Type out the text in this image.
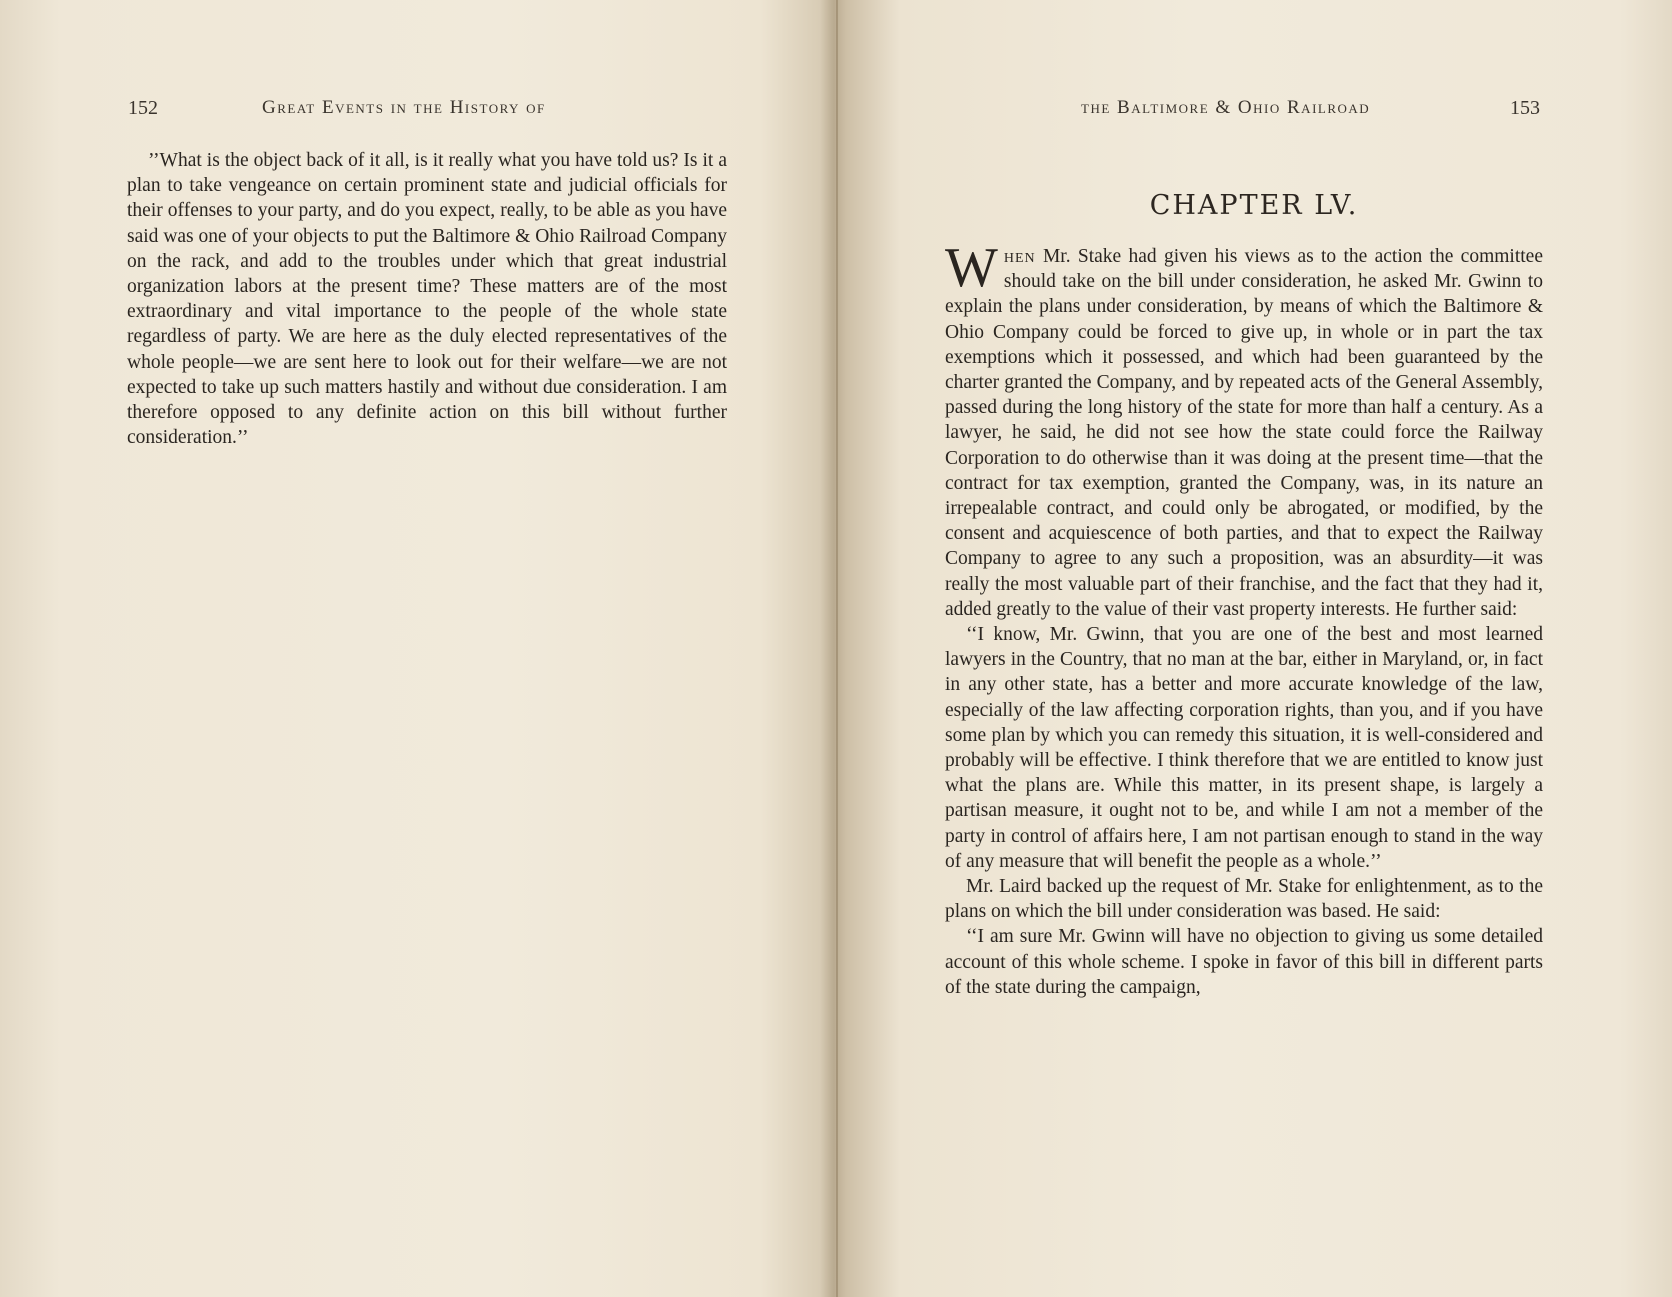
152	Great Events in the History of

’’What is the object back of it all, is it really what you have told us? Is it a plan to take vengeance on certain prominent state and judicial officials for their offenses to your party, and do you expect, really, to be able as you have said was one of your objects to put the Baltimore & Ohio Railroad Company on the rack, and add to the troubles under which that great industrial organization labors at the present time? These matters are of the most extraordinary and vital importance to the people of the whole state regardless of party. We are here as the duly elected representatives of the whole people—we are sent here to look out for their welfare—we are not expected to take up such matters hastily and without due consideration. I am therefore opposed to any definite action on this bill without further consideration.’’

the Baltimore & Ohio Railroad	153
CHAPTER LV.

When Mr. Stake had given his views as to the action the committee should take on the bill under consideration, he asked Mr. Gwinn to explain the plans under consideration, by means of which the Baltimore & Ohio Company could be forced to give up, in whole or in part the tax exemptions which it possessed, and which had been guaranteed by the charter granted the Company, and by repeated acts of the General Assembly, passed during the long history of the state for more than half a century. As a lawyer, he said, he did not see how the state could force the Railway Corporation to do otherwise than it was doing at the present time—that the contract for tax exemption, granted the Company, was, in its nature an irrepealable contract, and could only be abrogated, or modified, by the consent and acquiescence of both parties, and that to expect the Railway Company to agree to any such a proposition, was an absurdity—it was really the most valuable part of their franchise, and the fact that they had it, added greatly to the value of their vast property interests. He further said:

‘‘I know, Mr. Gwinn, that you are one of the best and most learned lawyers in the Country, that no man at the bar, either in Maryland, or, in fact in any other state, has a better and more accurate knowledge of the law, especially of the law affecting corporation rights, than you, and if you have some plan by which you can remedy this situation, it is well-considered and probably will be effective. I think therefore that we are entitled to know just what the plans are. While this matter, in its present shape, is largely a partisan measure, it ought not to be, and while I am not a member of the party in control of affairs here, I am not partisan enough to stand in the way of any measure that will benefit the people as a whole.’’

Mr. Laird backed up the request of Mr. Stake for enlightenment, as to the plans on which the bill under consideration was based. He said:

‘‘I am sure Mr. Gwinn will have no objection to giving us some detailed account of this whole scheme. I spoke in favor of this bill in different parts of the state during the campaign,
